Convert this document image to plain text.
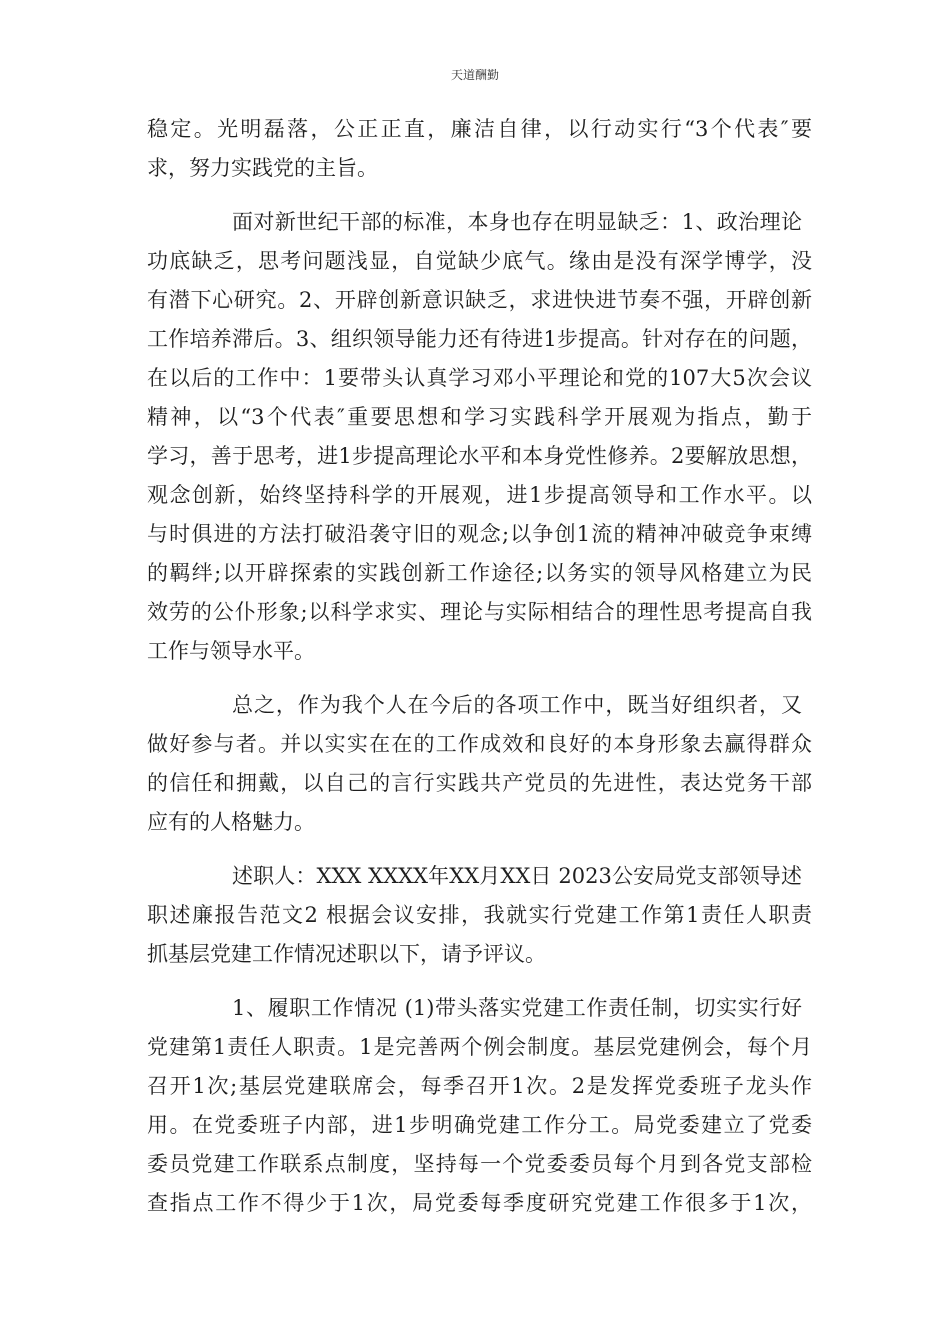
天道酬勤
稳定。光明磊落，公正正直，廉洁自律，以行动实行“3个代表″要
求，努力实践党的主旨。
面对新世纪干部的标准，本身也存在明显缺乏：1、政治理论
功底缺乏，思考问题浅显，自觉缺少底气。缘由是没有深学博学，没
有潜下心研究。2、开辟创新意识缺乏，求进快进节奏不强，开辟创新
工作培养滞后。3、组织领导能力还有待进1步提高。针对存在的问题，
在以后的工作中：1要带头认真学习邓小平理论和党的107大5次会议
精神，以“3个代表″重要思想和学习实践科学开展观为指点，勤于
学习，善于思考，进1步提高理论水平和本身党性修养。2要解放思想，
观念创新，始终坚持科学的开展观，进1步提高领导和工作水平。以
与时俱进的方法打破沿袭守旧的观念;以争创1流的精神冲破竞争束缚
的羁绊;以开辟探索的实践创新工作途径;以务实的领导风格建立为民
效劳的公仆形象;以科学求实、理论与实际相结合的理性思考提高自我
工作与领导水平。
总之，作为我个人在今后的各项工作中，既当好组织者，又
做好参与者。并以实实在在的工作成效和良好的本身形象去赢得群众
的信任和拥戴，以自己的言行实践共产党员的先进性，表达党务干部
应有的人格魅力。
述职人：XXX XXXX年XX月XX日 2023公安局党支部领导述
职述廉报告范文2 根据会议安排，我就实行党建工作第1责任人职责
抓基层党建工作情况述职以下，请予评议。
1、履职工作情况 (1)带头落实党建工作责任制，切实实行好
党建第1责任人职责。1是完善两个例会制度。基层党建例会，每个月
召开1次;基层党建联席会，每季召开1次。2是发挥党委班子龙头作
用。在党委班子内部，进1步明确党建工作分工。局党委建立了党委
委员党建工作联系点制度，坚持每一个党委委员每个月到各党支部检
查指点工作不得少于1次，局党委每季度研究党建工作很多于1次，
